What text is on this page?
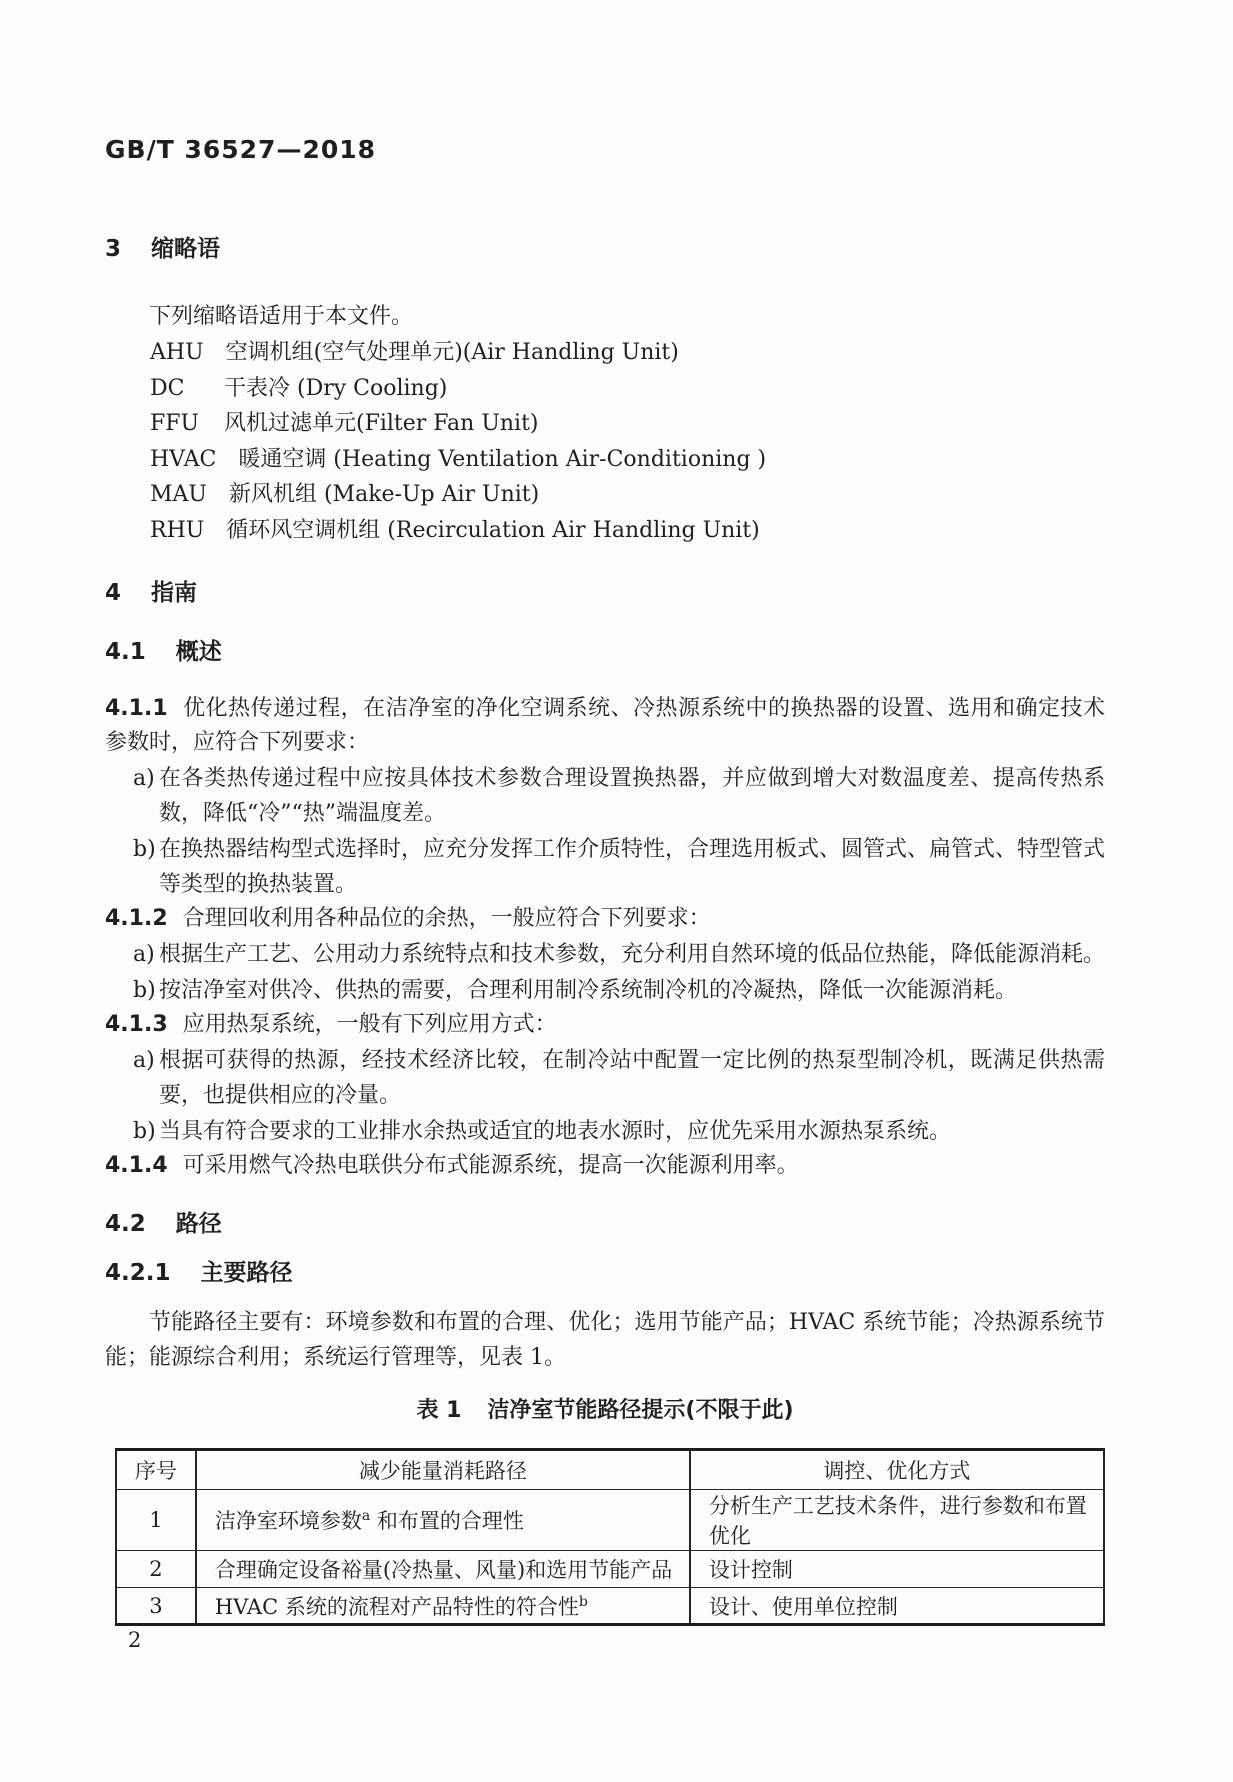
GB/T 36527—2018
3 缩略语

下列缩略语适用于本文件。

AHU 空调机组(空气处理单元)(Air Handling Unit)
DC 干表冷 (Dry Cooling)
FFU 风机过滤单元(Filter Fan Unit)
HVAC 暖通空调 (Heating Ventilation Air-Conditioning )
MAU 新风机组 (Make-Up Air Unit)
RHU 循环风空调机组 (Recirculation Air Handling Unit)
4 指南
4.1 概述

4.1.1 优化热传递过程，在洁净室的净化空调系统、冷热源系统中的换热器的设置、选用和确定技术参数时，应符合下列要求：

a) 在各类热传递过程中应按具体技术参数合理设置换热器，并应做到增大对数温度差、提高传热系数，降低“冷”“热”端温度差。
b) 在换热器结构型式选择时，应充分发挥工作介质特性，合理选用板式、圆管式、扁管式、特型管式等类型的换热装置。

4.1.2 合理回收利用各种品位的余热，一般应符合下列要求：

a) 根据生产工艺、公用动力系统特点和技术参数，充分利用自然环境的低品位热能，降低能源消耗。
b) 按洁净室对供冷、供热的需要，合理利用制冷系统制冷机的冷凝热，降低一次能源消耗。

4.1.3 应用热泵系统，一般有下列应用方式：

a) 根据可获得的热源，经技术经济比较，在制冷站中配置一定比例的热泵型制冷机，既满足供热需要，也提供相应的冷量。
b) 当具有符合要求的工业排水余热或适宜的地表水源时，应优先采用水源热泵系统。

4.1.4 可采用燃气冷热电联供分布式能源系统，提高一次能源利用率。

4.2 路径
4.2.1 主要路径

节能路径主要有：环境参数和布置的合理、优化；选用节能产品；HVAC 系统节能；冷热源系统节能；能源综合利用；系统运行管理等，见表 1。

表 1 洁净室节能路径提示(不限于此)
序号	减少能量消耗路径	调控、优化方式
1	洁净室环境参数$^a$ 和布置的合理性	分析生产工艺技术条件，进行参数和布置优化
2	合理确定设备裕量(冷热量、风量)和选用节能产品	设计控制
3	HVAC 系统的流程对产品特性的符合性$^b$	设计、使用单位控制
2
